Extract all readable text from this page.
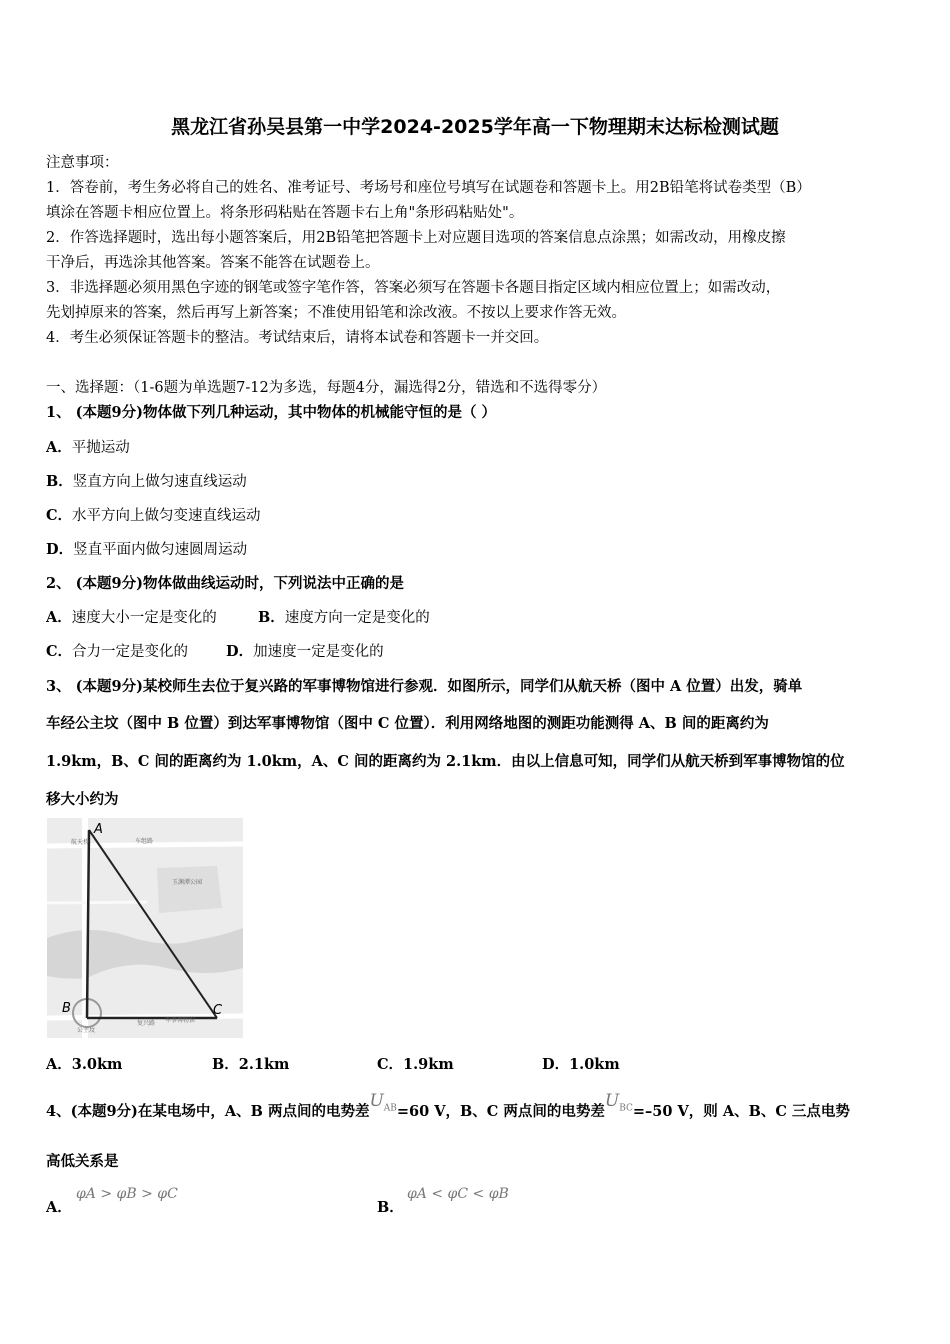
黑龙江省孙吴县第一中学2024-2025学年高一下物理期末达标检测试题
注意事项：
1．答卷前，考生务必将自己的姓名、准考证号、考场号和座位号填写在试题卷和答题卡上。用2B铅笔将试卷类型（B）
填涂在答题卡相应位置上。将条形码粘贴在答题卡右上角"条形码粘贴处"。
2．作答选择题时，选出每小题答案后，用2B铅笔把答题卡上对应题目选项的答案信息点涂黑；如需改动，用橡皮擦
干净后，再选涂其他答案。答案不能答在试题卷上。
3．非选择题必须用黑色字迹的钢笔或签字笔作答，答案必须写在答题卡各题目指定区域内相应位置上；如需改动，
先划掉原来的答案，然后再写上新答案；不准使用铅笔和涂改液。不按以上要求作答无效。
4．考生必须保证答题卡的整洁。考试结束后，请将本试卷和答题卡一并交回。
一、选择题：（1-6题为单选题7-12为多选，每题4分，漏选得2分，错选和不选得零分）
1、 (本题9分)物体做下列几种运动，其中物体的机械能守恒的是（ ）
A．平抛运动
B．竖直方向上做匀速直线运动
C．水平方向上做匀变速直线运动
D．竖直平面内做匀速圆周运动
2、 (本题9分)物体做曲线运动时，下列说法中正确的是
A．速度大小一定是变化的	B．速度方向一定是变化的
C．合力一定是变化的	D．加速度一定是变化的
3、 (本题9分)某校师生去位于复兴路的军事博物馆进行参观．如图所示，同学们从航天桥（图中 A 位置）出发，骑单
车经公主坟（图中 B 位置）到达军事博物馆（图中 C 位置）．利用网络地图的测距功能测得 A、B 间的距离约为
1.9km，B、C 间的距离约为 1.0km，A、C 间的距离约为 2.1km．由以上信息可知，同学们从航天桥到军事博物馆的位
移大小约为
A
B	C
航天桥	车组路
玉渊潭公园
复兴路
公主坟
军事博物馆
A．3.0km	B．2.1km	C．1.9km	D．1.0km
4、(本题9分)在某电场中，A、B 两点间的电势差$U_{AB}=60$ V，B、C 两点间的电势差$U_{BC}=-50$ V，则 A、B、C 三点电势
高低关系是
A．
φA > φB > φC
B．
φA < φC < φB
